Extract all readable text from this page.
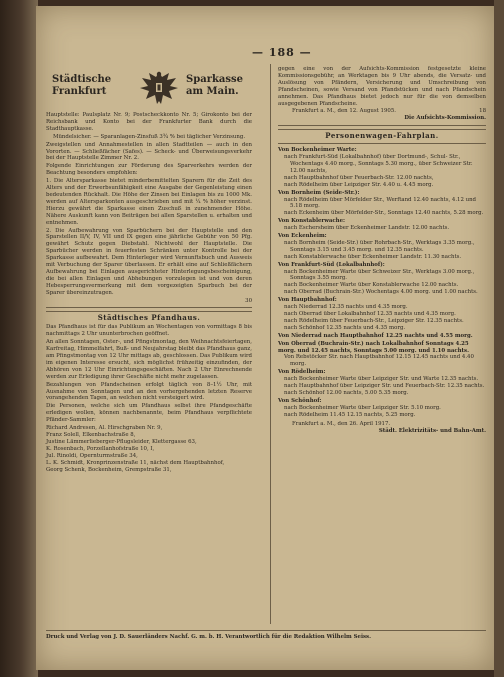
— 188 —
Städtische
Frankfurt
Sparkasse
am Main.

Hauptstelle: Paulsplatz Nr. 9; Postscheckkonto Nr. 5; Girokonto bei der Reichsbank und Konto bei der Frankfurter Bank durch die Stadthauptkasse.

Mündelsicher. — Sparanlagen-Zinsfuß 3¾ % bei täglicher Verzinsung.

Zweigstellen und Annahmestellen in allen Stadtteilen — auch in den Vororten. — Schließfächer (Safes). — Scheck- und Überweisungsverkehr bei der Hauptstelle Zimmer Nr. 2.

Folgende Einrichtungen zur Förderung des Sparverkehrs werden der Beachtung besonders empfohlen:

1. Die Altersparkasse bietet minderbemittelten Sparern für die Zeit des Alters und der Erwerbsunfähigkeit eine Ausgabe der Gegenleistung einen bedeutenden Rückhalt. Die Höhe der Zinsen bei Einlagen bis zu 1000 Mk. werden auf Altersparkonten ausgeschrieben und mit ¼ % höher verzinst. Hierzu gewährt die Sparkasse einen Zuschuß in zunehmender Höhe. Nähere Auskunft kann von Beiträgen bei allen Sparstellen u. erhalten und entnehmen.

2. Die Aufbewahrung von Sparbüchern bei der Hauptstelle und den Sparstellen II/V, IV, VII und IX gegen eine jährliche Gebühr von 50 Pfg. gewährt Schutz gegen Diebstahl. Nichtwohl der Hauptstelle. Die Sparbücher werden in feuerfesten Schränken unter Kontrolle bei der Sparkasse aufbewahrt. Dem Hinterleger wird Vernunftsbuch und Ausweis mit Verbuchung der Sparer überlassen. Er erhält eine auf Schließfächern Aufbewahrung bei Einlagen ausgerichteter Hinterlegungsbescheinigung, die bei allen Einlagen und Abhebungen vorzulegen ist und von deren Hebesperrungsvermerkung mit dem vorgezeigten Sparbuch bei der Sparer übereinzutragen.

30
Städtisches Pfandhaus.

Das Pfandhaus ist für das Publikum an Wochentagen von vormittags 8 bis nachmittags 2 Uhr ununterbrochen geöffnet.

An allen Sonntagen, Oster-, und Pfingstmontag, den Weihnachtsfeiertagen, Karfreitag, Himmelfahrt, Buß- und Neujahrstag bleibt das Pfandhaus ganz, am Pfingstmontag von 12 Uhr mittags ab, geschlossen. Das Publikum wird im eigenen Interesse ersucht, sich möglichst frühzeitig einzufinden, der Abhören von 12 Uhr Einrichtungsgeschäften. Nach 2 Uhr Einrechnende werden zur Erledigung ihrer Geschäfte nicht mehr zugelassen.

Bezahlungen von Pfandscheinen erfolgt täglich von 8–1½ Uhr, mit Ausnahme von Sonntagen und an den vorhergehenden letzten Reserve vorangehenden Tagen, an welchen nicht versteigert wird.

Die Personen, welche sich um Pfandhaus selbst ihre Pfandgeschäfte erledigen wollen, können nachbenannte, beim Pfandhaus verpflichtete Pfänder-Sammler:

Richard Andresen, Al. Hirschgraben Nr. 9,

Franz Solell, Elkenbachstraße 8,

Justine Lämmerlieberger-Pflugsleider, Klettergasse 63,

K. Rosenbach, Porzellanhofstraße 10, I,

Jul. Rinoldi, Opernturmstraße 34,

L. K. Schmidt, Kronprinzenstraße 11, nächst dem Hauptbahnhof,

Georg Schenk, Bockenheim, Grempstraße 31,

gegen eine von der Aufsichts-Kommission festgesetzte kleine Kommissionsgebühr, an Werktagen bis 9 Uhr abends, die Versatz- und Auslösung von Pfändern, Versicherung und Umschreibung von Pfandscheinen, sowie Versand von Pfandstücken und nach Pfandschein annehmen. Das Pfandhaus bietet jedoch nur für die von demselben ausgegebenen Pfandscheine.

Frankfurt a. M., den 12. August 1905.	18
Die Aufsichts-Kommission.
Personenwagen-Fahrplan.
Von Bockenheimer Warte:

nach Frankfurt-Süd (Lokalbahnhof) über Dortmund-, Schul- Str., Wochentags 4.40 morg., Sonntags 5.30 morg., über Schweizer Str. 12.00 nachts,

nach Hauptbahnhof über Feuerbach-Str. 12.00 nachts,

nach Rödelheim über Leipziger Str. 4.40 u. 4.45 morg.

Von Bornheim (Seide-Str.):

nach Rödelheim über Mörfelder Str., Werftand 12.40 nachts, 4.12 und 5.18 morg.

nach Eckenheim über Mörfelder-Str., Sonntags 12.40 nachts, 5.28 morg.

Von Konstablerwache:

nach Eschersheim über Eckenheimer Landstr. 12.00 nachts.

Von Eckenheim:

nach Bornheim (Seide-Str.) über Rohrbach-Str., Werktags 3.35 morg., Sonntags 3.15 und 3.45 morg. und 12.35 nachts.

nach Konstablerwache über Eckenheimer Landstr. 11.30 nachts.

Von Frankfurt-Süd (Lokalbahnhof):

nach Bockenheimer Warte über Schweizer Str., Werktags 3.00 morg., Sonntags 3.55 morg.

nach Bockenheimer Warte über Konstablerwache 12.00 nachts.

nach Oberrad (Buchrain-Str.) Wochentags 4.00 morg. und 1.00 nachts.

Von Hauptbahnhof:

nach Niederrad 12.35 nachts und 4.35 morg.

nach Oberrad über Lokalbahnhof 12.35 nachts und 4.35 morg.

nach Rödelheim über Feuerbach-Str., Leipziger Str. 12.35 nachts.

nach Schönhof 12.35 nachts und 4.35 morg.

Von Niederrad nach Hauptbahnhof 12.25 nachts und 4.55 morg.
Von Oberrad (Buchrain-Str.) nach Lokalbahnhof Sonntags 4.25 morg. und 12.45 nachts, Sonntags 5.00 morg. und 1.10 nachts.

Von Rebstöcker Str. nach Hauptbahnhof 12.15 12.45 nachts und 4.40 morg.

Von Rödelheim:

nach Bockenheimer Warte über Leipziger Str. und Warte 12.35 nachts.

nach Hauptbahnhof über Leipziger Str. und Feuerbach-Str. 12.35 nachts.

nach Schönhof 12.00 nachts, 5.00 5.35 morg.

Von Schönhof:

nach Bockenheimer Warte über Leipziger Str. 5.10 morg.

nach Rödelheim 11.45 12.15 nachts, 5.25 morg.

Frankfurt a. M., den 26. April 1917.
Städt. Elektrizitäts- und Bahn-Amt.
Druck und Verlag von J. D. Sauerländers Nachf. G. m. b. H. Verantwortlich für die Redaktion Wilhelm Seiss.
